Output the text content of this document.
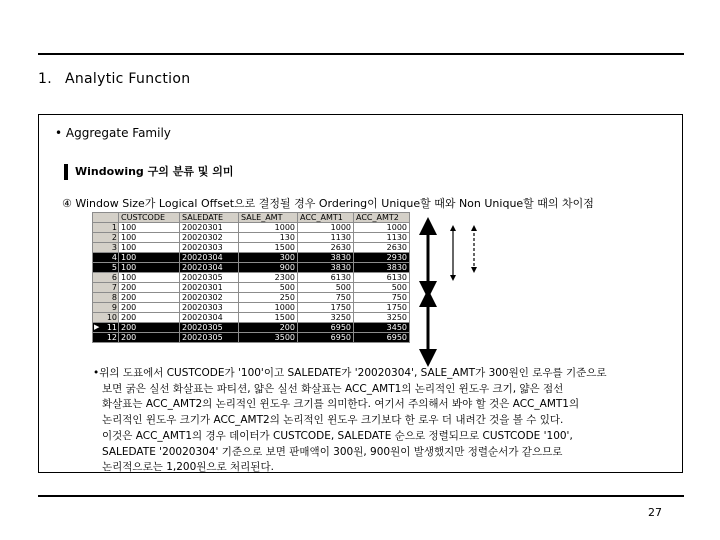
1. Analytic Function
• Aggregate Family
Windowing 구의 분류 및 의미
④ Window Size가 Logical Offset으로 결정될 경우 Ordering이 Unique할 때와 Non Unique할 때의 차이점
	CUSTCODE	SALEDATE	SALE_AMT	ACC_AMT1	ACC_AMT2
1	100	20020301	1000	1000	1000
2	100	20020302	130	1130	1130
3	100	20020303	1500	2630	2630
4	100	20020304	300	3830	2930
5	100	20020304	900	3830	3830
6	100	20020305	2300	6130	6130
7	200	20020301	500	500	500
8	200	20020302	250	750	750
9	200	20020303	1000	1750	1750
10	200	20020304	1500	3250	3250

▶ 11	200	20020305	200	6950	3450
12	200	20020305	3500	6950	6950
•위의 도표에서 CUSTCODE가 '100'이고 SALEDATE가 '20020304', SALE_AMT가 300원인 로우를 기준으로
보면 굵은 실선 화살표는 파티션, 얇은 실선 화살표는 ACC_AMT1의 논리적인 윈도우 크기, 얇은 점선
화살표는 ACC_AMT2의 논리적인 윈도우 크기를 의미한다. 여기서 주의해서 봐야 할 것은 ACC_AMT1의
논리적인 윈도우 크기가 ACC_AMT2의 논리적인 윈도우 크기보다 한 로우 더 내려간 것을 볼 수 있다.
이것은 ACC_AMT1의 경우 데이터가 CUSTCODE, SALEDATE 순으로 정렬되므로 CUSTCODE '100',
SALEDATE '20020304' 기준으로 보면 판매액이 300원, 900원이 발생했지만 정렬순서가 같으므로
논리적으로는 1,200원으로 처리된다.
27
